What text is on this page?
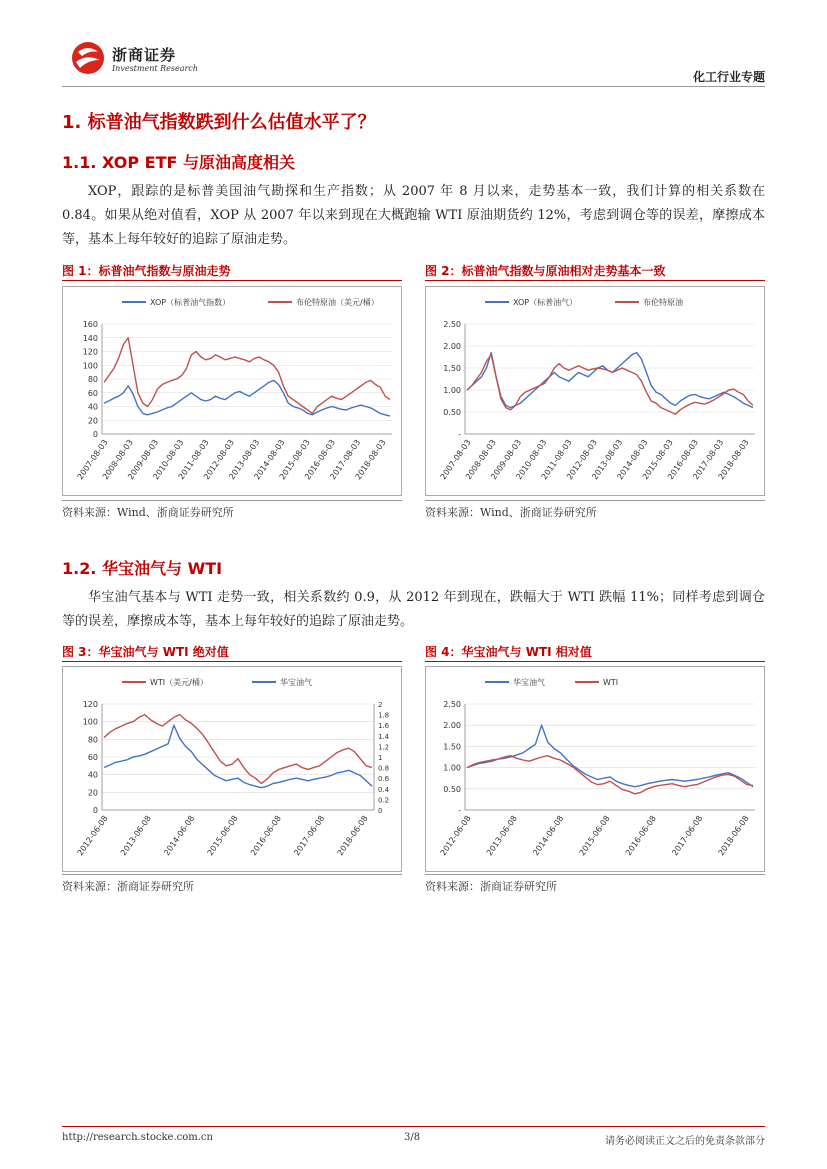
浙商证券
Investment Research
化工行业专题
1. 标普油气指数跌到什么估值水平了？
1.1. XOP ETF 与原油高度相关
XOP，跟踪的是标普美国油气勘探和生产指数；从 2007 年 8 月以来，走势基本一致，我们计算的相关系数在 0.84。如果从绝对值看，XOP 从 2007 年以来到现在大概跑输 WTI 原油期货约 12%，考虑到调仓等的误差，摩擦成本等，基本上每年较好的追踪了原油走势。
图 1：标普油气指数与原油走势
XOP（标普油气指数）	布伦特原油（美元/桶）
0
20
40
60
80
100
120
140
160
2007-08-03
2008-08-03
2009-08-03
2010-08-03
2011-08-03
2012-08-03
2013-08-03
2014-08-03
2015-08-03
2016-08-03
2017-08-03
2018-08-03
资料来源：Wind、浙商证券研究所
图 2：标普油气指数与原油相对走势基本一致
XOP（标普油气）	布伦特原油
-
0.50
1.00
1.50
2.00
2.50
2007-08-03
2008-08-03
2009-08-03
2010-08-03
2011-08-03
2012-08-03
2013-08-03
2014-08-03
2015-08-03
2016-08-03
2017-08-03
2018-08-03
资料来源：Wind、浙商证券研究所
1.2. 华宝油气与 WTI
华宝油气基本与 WTI 走势一致，相关系数约 0.9，从 2012 年到现在，跌幅大于 WTI 跌幅 11%；同样考虑到调仓等的误差，摩擦成本等，基本上每年较好的追踪了原油走势。
图 3：华宝油气与 WTI 绝对值
WTI（美元/桶）	华宝油气
0
20
40
60
80
100
120
0
0.2
0.4
0.6
0.8
1
1.2
1.4
1.6
1.8
2
2012-06-08 2013-06-08 2014-06-08 2015-06-08 2016-06-08 2017-06-08 2018-06-08
资料来源：浙商证券研究所
图 4：华宝油气与 WTI 相对值
华宝油气	WTI
-
0.50
1.00
1.50
2.00
2.50
2012-06-08 2013-06-08 2014-06-08 2015-06-08 2016-06-08 2017-06-08 2018-06-08
资料来源：浙商证券研究所
http://research.stocke.com.cn	3/8	请务必阅读正文之后的免责条款部分
